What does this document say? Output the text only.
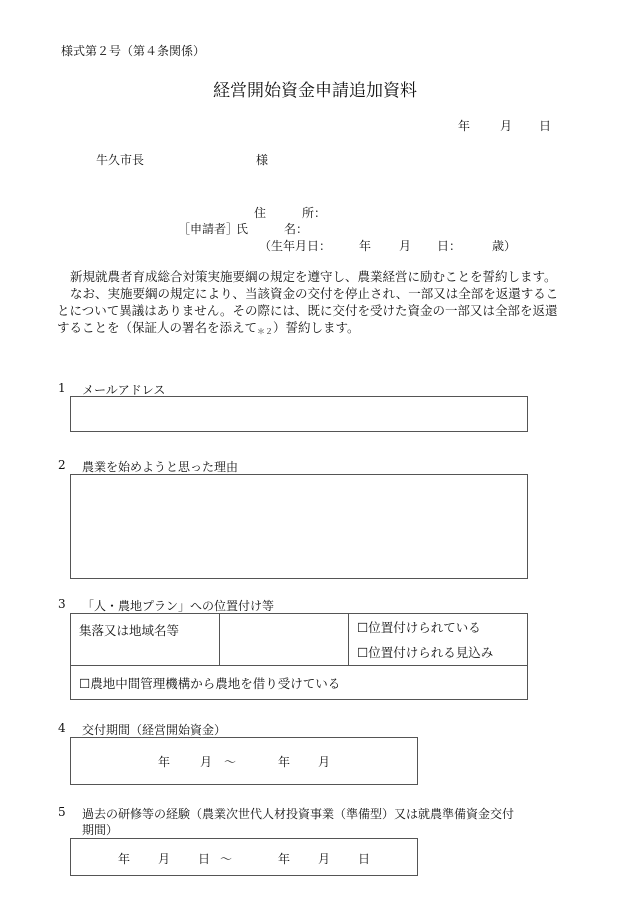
様式第２号（第４条関係）
経営開始資金申請追加資料
年 月 日
牛久市長	様
住　　　所：
［申請者］
氏　　　名：
（生年月日： 年 月 日：	歳）

新規就農者育成総合対策実施要綱の規定を遵守し、農業経営に励むことを誓約します。

なお、実施要綱の規定により、当該資金の交付を停止され、一部又は全部を返還することについて異議はありません。その際には、既に交付を受けた資金の一部又は全部を返還することを（保証人の署名を添えて$_{*2}$）誓約します。

1 メールアドレス
2 農業を始めようと思った理由
3 「人・農地プラン」への位置付け等
集落又は地域名等		☐位置付けられている
☐位置付けられる見込み
☐農地中間管理機構から農地を借り受けている
4 交付期間（経営開始資金）
年 月 ～	年 月
5 過去の研修等の経験（農業次世代人材投資事業（準備型）又は就農準備資金交付
期間）
年 月 日 ～	年 月 日
